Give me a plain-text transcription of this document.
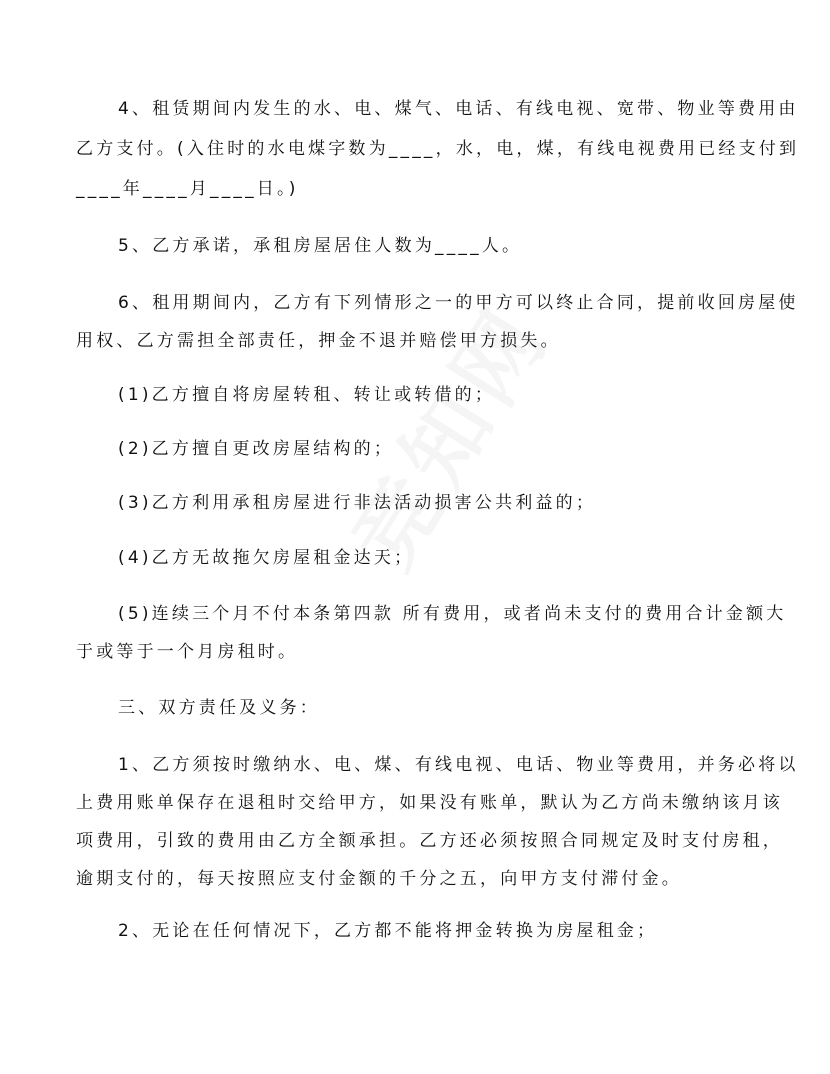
4、租赁期间内发生的水、电、煤气、电话、有线电视、宽带、物业等费用由
乙方支付。(入住时的水电煤字数为____，水，电，煤，有线电视费用已经支付到
____年____月____日。)
5、乙方承诺，承租房屋居住人数为____人。
6、租用期间内，乙方有下列情形之一的甲方可以终止合同，提前收回房屋使
用权、乙方需担全部责任，押金不退并赔偿甲方损失。
(1)乙方擅自将房屋转租、转让或转借的；
(2)乙方擅自更改房屋结构的；
(3)乙方利用承租房屋进行非法活动损害公共利益的；
(4)乙方无故拖欠房屋租金达天；
(5)连续三个月不付本条第四款 所有费用，或者尚未支付的费用合计金额大
于或等于一个月房租时。
三、双方责任及义务：
1、乙方须按时缴纳水、电、煤、有线电视、电话、物业等费用，并务必将以
上费用账单保存在退租时交给甲方，如果没有账单，默认为乙方尚未缴纳该月该
项费用，引致的费用由乙方全额承担。乙方还必须按照合同规定及时支付房租，
逾期支付的，每天按照应支付金额的千分之五，向甲方支付滞付金。
2、无论在任何情况下，乙方都不能将押金转换为房屋租金；
